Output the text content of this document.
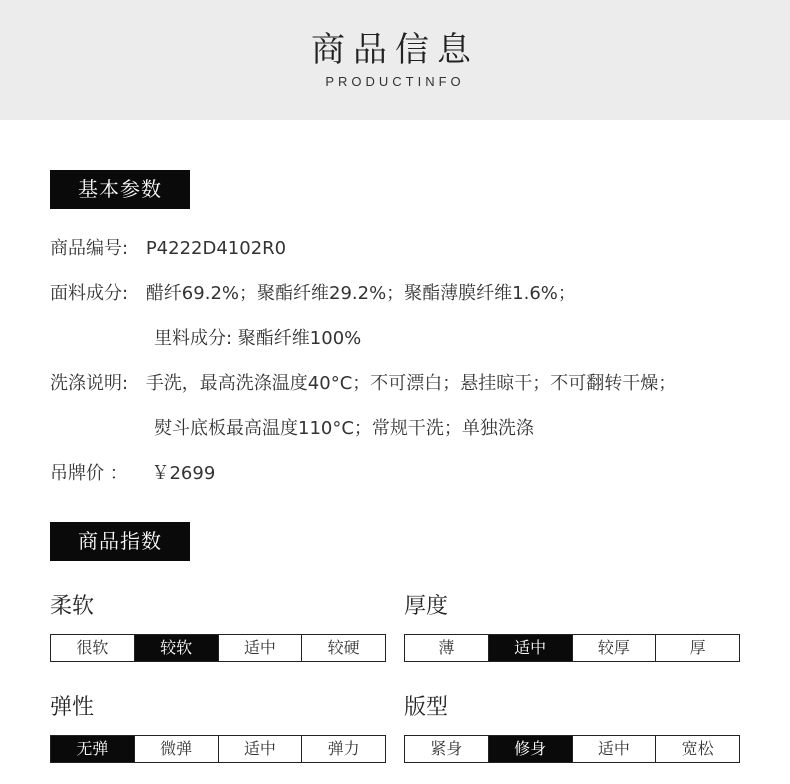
商品信息
PRODUCTINFO
基本参数
商品编号: P4222D4102R0
面料成分: 醋纤69.2%；聚酯纤维29.2%；聚酯薄膜纤维1.6%；
里料成分: 聚酯纤维100%
洗涤说明: 手洗，最高洗涤温度40°C；不可漂白；悬挂晾干；不可翻转干燥；
熨斗底板最高温度110°C；常规干洗；单独洗涤
吊牌价 ： ￥2699
商品指数
柔软
很软	较软	适中	较硬
厚度
薄	适中	较厚	厚
弹性
无弹	微弹	适中	弹力
版型
紧身	修身	适中	宽松
